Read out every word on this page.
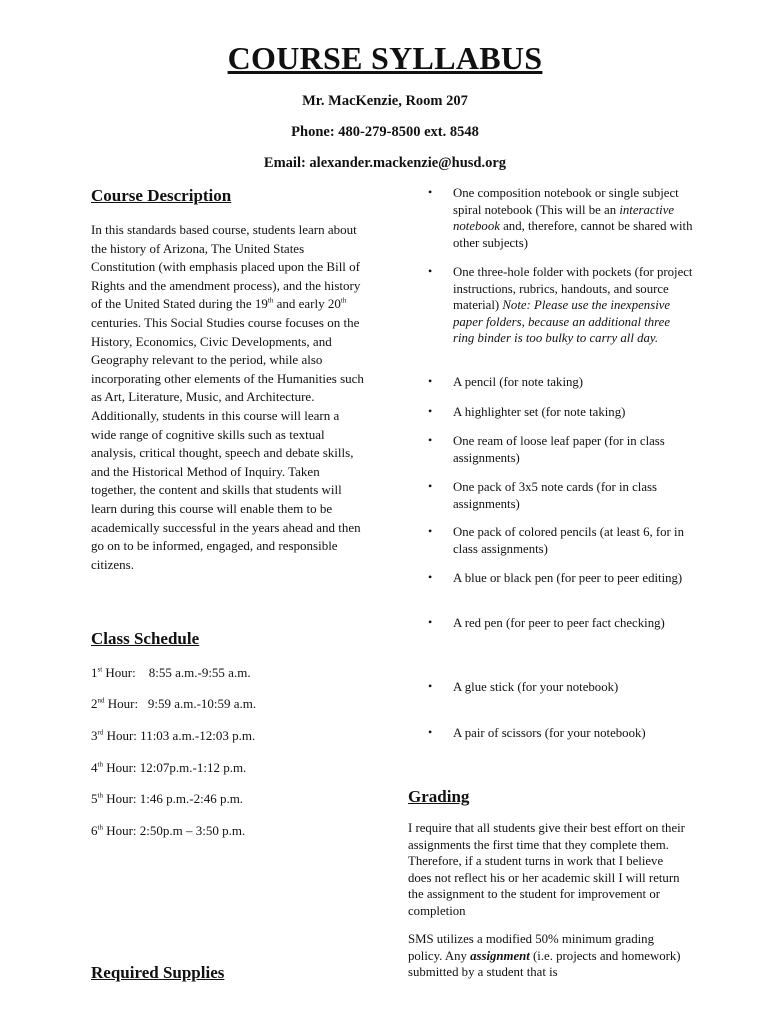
COURSE SYLLABUS
Mr. MacKenzie, Room 207
Phone: 480-279-8500 ext. 8548
Email: alexander.mackenzie@husd.org
Course Description

In this standards based course, students learn about the history of Arizona, The United States Constitution (with emphasis placed upon the Bill of Rights and the amendment process), and the history of the United Stated during the 19th and early 20th centuries. This Social Studies course focuses on the History, Economics, Civic Developments, and Geography relevant to the period, while also incorporating other elements of the Humanities such as Art, Literature, Music, and Architecture. Additionally, students in this course will learn a wide range of cognitive skills such as textual analysis, critical thought, speech and debate skills, and the Historical Method of Inquiry. Taken together, the content and skills that students will learn during this course will enable them to be academically successful in the years ahead and then go on to be informed, engaged, and responsible citizens.

Class Schedule
1st Hour:    8:55 a.m.-9:55 a.m.
2nd Hour:   9:59 a.m.-10:59 a.m.
3rd Hour: 11:03 a.m.-12:03 p.m.
4th Hour: 12:07p.m.-1:12 p.m.
5th Hour: 1:46 p.m.-2:46 p.m.
6th Hour: 2:50p.m – 3:50 p.m.
Required Supplies
• One composition notebook or single subject spiral notebook (This will be an interactive notebook and, therefore, cannot be shared with other subjects)
• One three-hole folder with pockets (for project instructions, rubrics, handouts, and source material) Note: Please use the inexpensive paper folders, because an additional three ring binder is too bulky to carry all day.
• A pencil (for note taking)
• A highlighter set (for note taking)
• One ream of loose leaf paper (for in class assignments)
• One pack of 3x5 note cards (for in class assignments)
• One pack of colored pencils (at least 6, for in class assignments)
• A blue or black pen (for peer to peer editing)
• A red pen (for peer to peer fact checking)
• A glue stick (for your notebook)
• A pair of scissors (for your notebook)
Grading

I require that all students give their best effort on their assignments the first time that they complete them. Therefore, if a student turns in work that I believe does not reflect his or her academic skill I will return the assignment to the student for improvement or completion

SMS utilizes a modified 50% minimum grading policy. Any assignment (i.e. projects and homework) submitted by a student that is
